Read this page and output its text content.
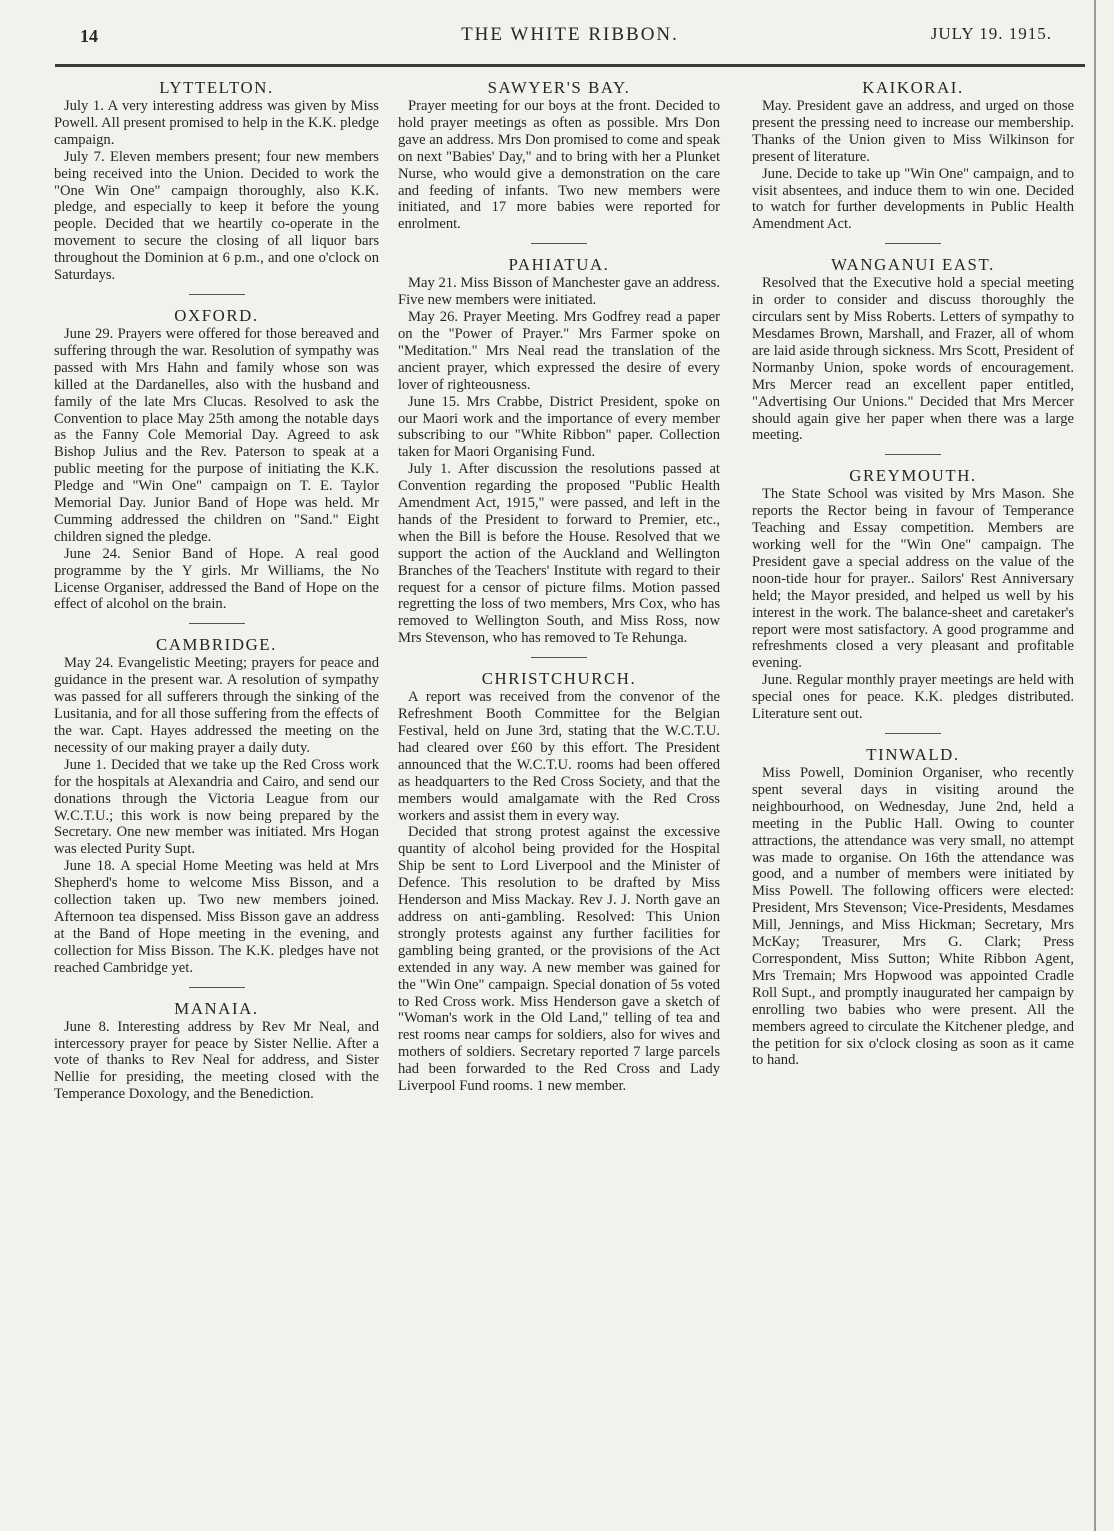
14	THE WHITE RIBBON.	JULY 19. 1915.
LYTTELTON.

July 1. A very interesting address was given by Miss Powell. All present promised to help in the K.K. pledge campaign.

July 7. Eleven members present; four new members being received into the Union. Decided to work the "One Win One" campaign thoroughly, also K.K. pledge, and especially to keep it before the young people. Decided that we heartily co-operate in the movement to secure the closing of all liquor bars throughout the Dominion at 6 p.m., and one o'clock on Saturdays.

OXFORD.

June 29. Prayers were offered for those bereaved and suffering through the war. Resolution of sympathy was passed with Mrs Hahn and family whose son was killed at the Dardanelles, also with the husband and family of the late Mrs Clucas. Resolved to ask the Convention to place May 25th among the notable days as the Fanny Cole Memorial Day. Agreed to ask Bishop Julius and the Rev. Paterson to speak at a public meeting for the purpose of initiating the K.K. Pledge and "Win One" campaign on T. E. Taylor Memorial Day. Junior Band of Hope was held. Mr Cumming addressed the children on "Sand." Eight children signed the pledge.

June 24. Senior Band of Hope. A real good programme by the Y girls. Mr Williams, the No License Organiser, addressed the Band of Hope on the effect of alcohol on the brain.

CAMBRIDGE.

May 24. Evangelistic Meeting; prayers for peace and guidance in the present war. A resolution of sympathy was passed for all sufferers through the sinking of the Lusitania, and for all those suffering from the effects of the war. Capt. Hayes addressed the meeting on the necessity of our making prayer a daily duty.

June 1. Decided that we take up the Red Cross work for the hospitals at Alexandria and Cairo, and send our donations through the Victoria League from our W.C.T.U.; this work is now being prepared by the Secretary. One new member was initiated. Mrs Hogan was elected Purity Supt.

June 18. A special Home Meeting was held at Mrs Shepherd's home to welcome Miss Bisson, and a collection taken up. Two new members joined. Afternoon tea dispensed. Miss Bisson gave an address at the Band of Hope meeting in the evening, and collection for Miss Bisson. The K.K. pledges have not reached Cambridge yet.

MANAIA.

June 8. Interesting address by Rev Mr Neal, and intercessory prayer for peace by Sister Nellie. After a vote of thanks to Rev Neal for address, and Sister Nellie for presiding, the meeting closed with the Temperance Doxology, and the Benediction.

SAWYER'S BAY.

Prayer meeting for our boys at the front. Decided to hold prayer meetings as often as possible. Mrs Don gave an address. Mrs Don promised to come and speak on next "Babies' Day," and to bring with her a Plunket Nurse, who would give a demonstration on the care and feeding of infants. Two new members were initiated, and 17 more babies were reported for enrolment.

PAHIATUA.

May 21. Miss Bisson of Manchester gave an address. Five new members were initiated.

May 26. Prayer Meeting. Mrs Godfrey read a paper on the "Power of Prayer." Mrs Farmer spoke on "Meditation." Mrs Neal read the translation of the ancient prayer, which expressed the desire of every lover of righteousness.

June 15. Mrs Crabbe, District President, spoke on our Maori work and the importance of every member subscribing to our "White Ribbon" paper. Collection taken for Maori Organising Fund.

July 1. After discussion the resolutions passed at Convention regarding the proposed "Public Health Amendment Act, 1915," were passed, and left in the hands of the President to forward to Premier, etc., when the Bill is before the House. Resolved that we support the action of the Auckland and Wellington Branches of the Teachers' Institute with regard to their request for a censor of picture films. Motion passed regretting the loss of two members, Mrs Cox, who has removed to Wellington South, and Miss Ross, now Mrs Stevenson, who has removed to Te Rehunga.

CHRISTCHURCH.

A report was received from the convenor of the Refreshment Booth Committee for the Belgian Festival, held on June 3rd, stating that the W.C.T.U. had cleared over £60 by this effort. The President announced that the W.C.T.U. rooms had been offered as headquarters to the Red Cross Society, and that the members would amalgamate with the Red Cross workers and assist them in every way.

Decided that strong protest against the excessive quantity of alcohol being provided for the Hospital Ship be sent to Lord Liverpool and the Minister of Defence. This resolution to be drafted by Miss Henderson and Miss Mackay. Rev J. J. North gave an address on anti-gambling. Resolved: This Union strongly protests against any further facilities for gambling being granted, or the provisions of the Act extended in any way. A new member was gained for the "Win One" campaign. Special donation of 5s voted to Red Cross work. Miss Henderson gave a sketch of "Woman's work in the Old Land," telling of tea and rest rooms near camps for soldiers, also for wives and mothers of soldiers. Secretary reported 7 large parcels had been forwarded to the Red Cross and Lady Liverpool Fund rooms. 1 new member.

KAIKORAI.

May. President gave an address, and urged on those present the pressing need to increase our membership. Thanks of the Union given to Miss Wilkinson for present of literature.

June. Decide to take up "Win One" campaign, and to visit absentees, and induce them to win one. Decided to watch for further developments in Public Health Amendment Act.

WANGANUI EAST.

Resolved that the Executive hold a special meeting in order to consider and discuss thoroughly the circulars sent by Miss Roberts. Letters of sympathy to Mesdames Brown, Marshall, and Frazer, all of whom are laid aside through sickness. Mrs Scott, President of Normanby Union, spoke words of encouragement. Mrs Mercer read an excellent paper entitled, "Advertising Our Unions." Decided that Mrs Mercer should again give her paper when there was a large meeting.

GREYMOUTH.

The State School was visited by Mrs Mason. She reports the Rector being in favour of Temperance Teaching and Essay competition. Members are working well for the "Win One" campaign. The President gave a special address on the value of the noon-tide hour for prayer.. Sailors' Rest Anniversary held; the Mayor presided, and helped us well by his interest in the work. The balance-sheet and caretaker's report were most satisfactory. A good programme and refreshments closed a very pleasant and profitable evening.

June. Regular monthly prayer meetings are held with special ones for peace. K.K. pledges distributed. Literature sent out.

TINWALD.

Miss Powell, Dominion Organiser, who recently spent several days in visiting around the neighbourhood, on Wednesday, June 2nd, held a meeting in the Public Hall. Owing to counter attractions, the attendance was very small, no attempt was made to organise. On 16th the attendance was good, and a number of members were initiated by Miss Powell. The following officers were elected: President, Mrs Stevenson; Vice-Presidents, Mesdames Mill, Jennings, and Miss Hickman; Secretary, Mrs McKay; Treasurer, Mrs G. Clark; Press Correspondent, Miss Sutton; White Ribbon Agent, Mrs Tremain; Mrs Hopwood was appointed Cradle Roll Supt., and promptly inaugurated her campaign by enrolling two babies who were present. All the members agreed to circulate the Kitchener pledge, and the petition for six o'clock closing as soon as it came to hand.
